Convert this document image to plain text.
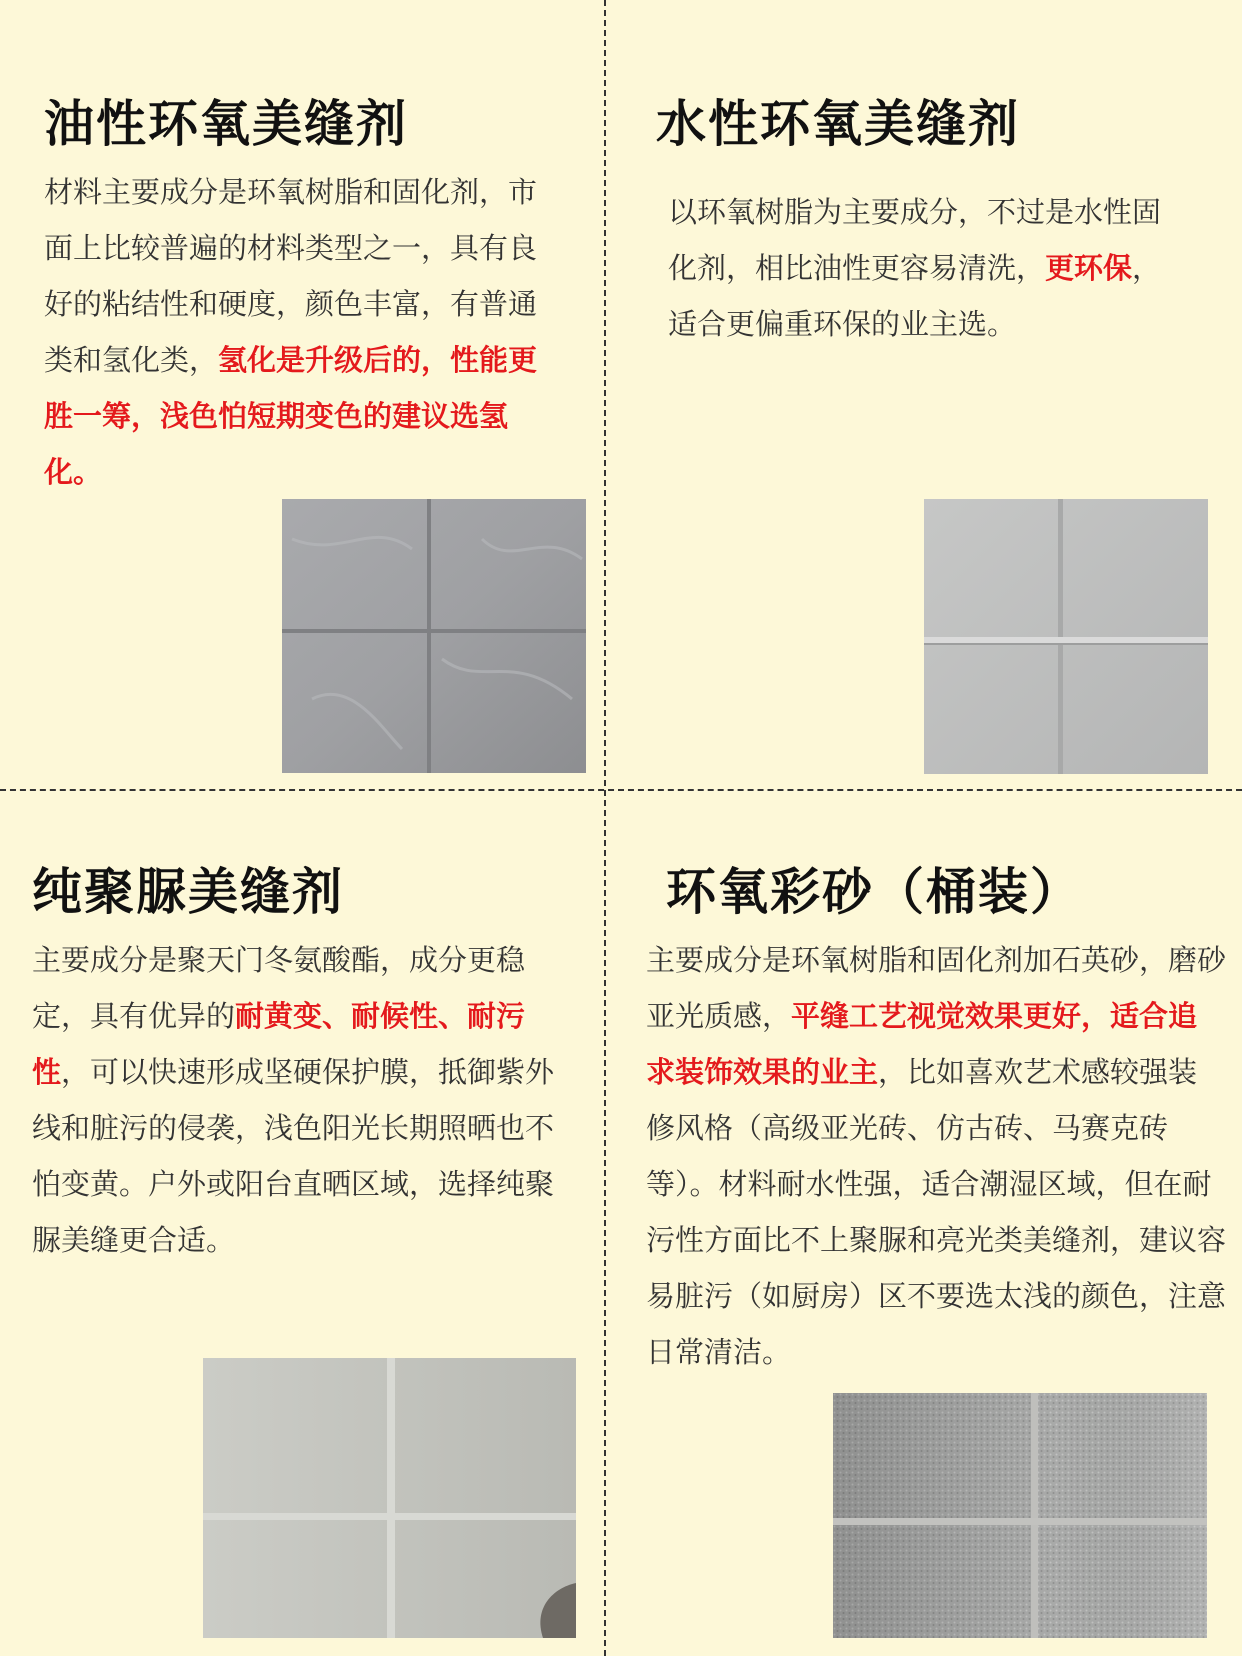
油性环氧美缝剂

材料主要成分是环氧树脂和固化剂，市面上比较普遍的材料类型之一，具有良好的粘结性和硬度，颜色丰富，有普通类和氢化类，氢化是升级后的，性能更胜一筹，浅色怕短期变色的建议选氢化。

水性环氧美缝剂

以环氧树脂为主要成分，不过是水性固化剂，相比油性更容易清洗，更环保，适合更偏重环保的业主选。

纯聚脲美缝剂

主要成分是聚天门冬氨酸酯，成分更稳定，具有优异的耐黄变、耐候性、耐污性，可以快速形成坚硬保护膜，抵御紫外线和脏污的侵袭，浅色阳光长期照晒也不怕变黄。户外或阳台直晒区域，选择纯聚脲美缝更合适。

环氧彩砂（桶装）

主要成分是环氧树脂和固化剂加石英砂，磨砂亚光质感，平缝工艺视觉效果更好，适合追求装饰效果的业主，比如喜欢艺术感较强装修风格（高级亚光砖、仿古砖、马赛克砖等）。材料耐水性强，适合潮湿区域，但在耐污性方面比不上聚脲和亮光类美缝剂，建议容易脏污（如厨房）区不要选太浅的颜色，注意日常清洁。
